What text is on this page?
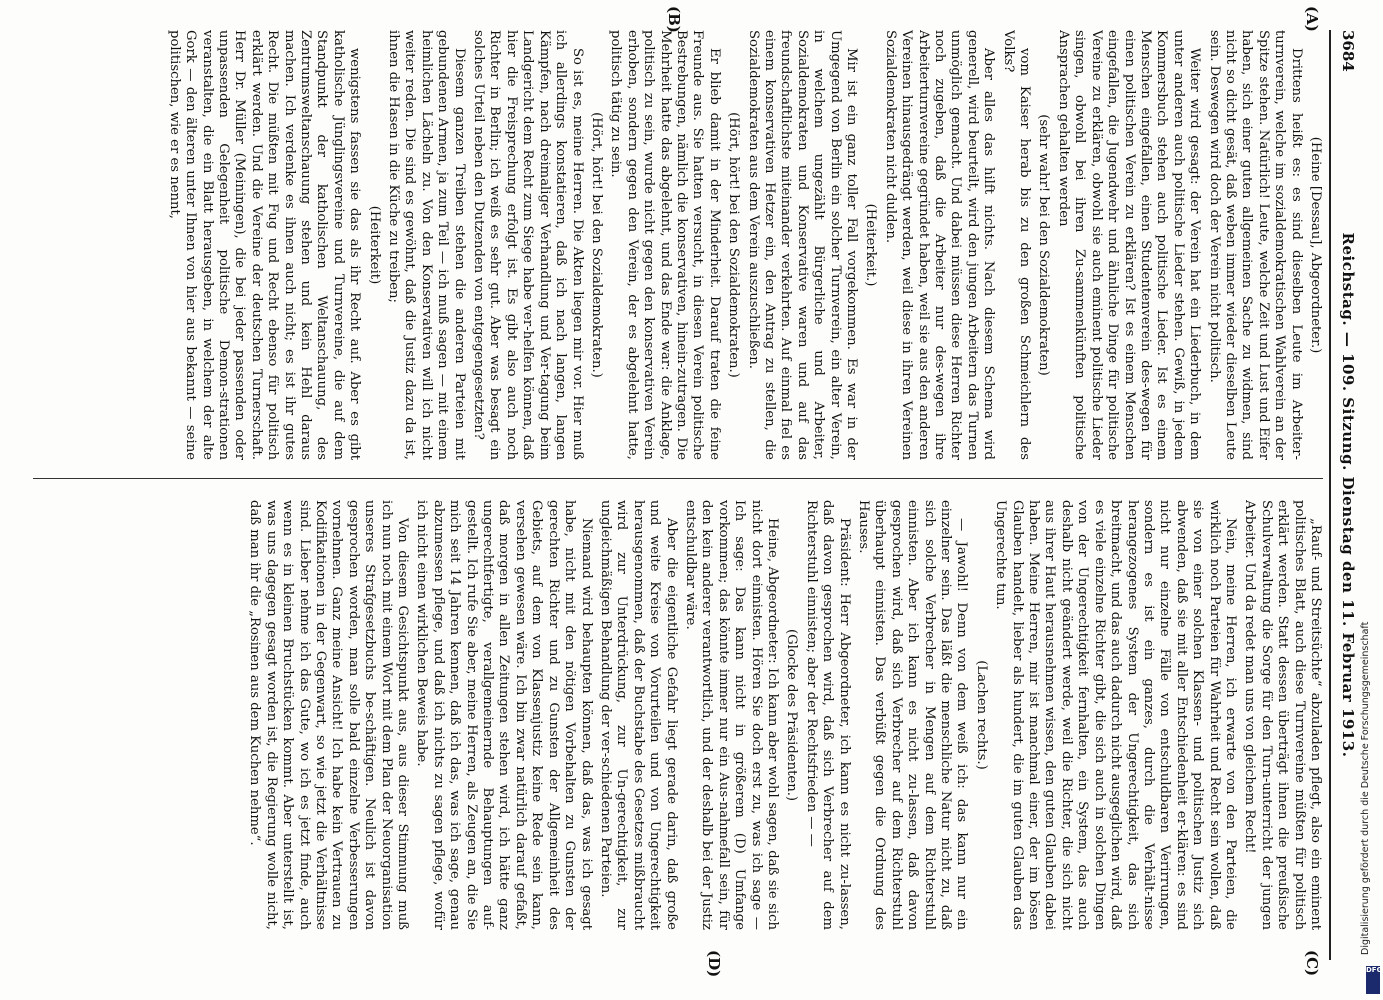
3684
Reichstag. — 109. Sitzung. Dienstag den 11. Februar 1913.
(A)
(B)
(C)
(D)

(Heine [Dessau], Abgeordneter.)

Drittens heißt es: es sind dieselben Leute im Arbeiter-turnverein, welche im sozialdemokratischen Wahlverein an der Spitze stehen. Natürlich! Leute, welche Zeit und Lust und Eifer haben, sich einer guten allgemeinen Sache zu widmen, sind nicht so dicht gesät, daß weben immer wieder dieselben Leute sein. Deswegen wird doch der Verein nicht politisch.

Weiter wird gesagt: der Verein hat ein Liederbuch, in dem unter anderen auch politische Lieder stehen. Gewiß, in jedem Kommersbuch stehen auch politische Lieder. Ist es einem Menschen eingefallen, einen Studentenverein des-wegen für einen politischen Verein zu erklären? Ist es einem Menschen eingefallen, die Jugendwehr und ähnliche Dinge für politische Vereine zu erklären, obwohl sie auch eminent politische Lieder singen, obwohl bei ihren Zu-sammenkünften politische Ansprachen gehalten werden

(sehr wahr! bei den Sozialdemokraten)

vom Kaiser herab bis zu den großen Schmeichlern des Volks?

Aber alles das hilft nichts. Nach diesem Schema wird generell, wird beurteilt, wird den jungen Arbeitern das Turnen unmöglich gemacht. Und dabei müssen diese Herren Richter noch zugeben, daß die Arbeiter nur des-wegen ihre Arbeiterturnvereine gegründet haben, weil sie aus den anderen Vereinen hinausgedrängt werden, weil diese in ihren Vereinen Sozialdemokraten nicht dulden.

(Heiterkeit.)

Mir ist ein ganz toller Fall vorgekommen. Es war in der Umgegend von Berlin ein solcher Turnverein, ein alter Verein, in welchem ungezählt Bürgerliche und Arbeiter, Sozialdemokraten und Konservative waren und auf das freundschaftlichste miteinander verkehrten. Auf einmal fiel es einem konservativen Hetzer ein, den Antrag zu stellen, die Sozialdemokraten aus dem Verein auszuschließen.

(Hört, hört! bei den Sozialdemokraten.)

Er blieb damit in der Minderheit. Darauf traten die feine Freunde aus. Sie hatten versucht, in diesen Verein politische Bestrebungen, nämlich die konservativen, hinein-zutragen. Die Mehrheit hatte das abgelehnt, und das Ende war: die Anklage, politisch zu sein, wurde nicht gegen den konservativen Verein erhoben, sondern gegen den Verein, der es abgelehnt hatte, politisch tätig zu sein.

(Hört, hört! bei den Sozialdemokraten.)

So ist es, meine Herren. Die Akten liegen mir vor. Hier muß ich allerdings konstatieren, daß ich nach langen, langen Kämpfen, nach dreimaliger Verhandlung und Ver-tagung beim Landgericht dem Recht zum Siege habe ver-helfen können, daß hier die Freisprechung erfolgt ist. Es gibt also auch noch Richter in Berlin; ich weiß es sehr gut. Aber was besagt ein solches Urteil neben den Dutzenden von entgegengesetzten?

Diesem ganzen Treiben stehen die anderen Parteien mit gebundenen Armen, ja zum Teil — ich muß sagen — mit einem heimlichen Lächeln zu. Von den Konservativen will ich nicht weiter reden. Die sind es gewöhnt, daß die Justiz dazu da ist, ihnen die Hasen in die Küche zu treiben;

(Heiterkeit)

wenigstens fassen sie das als ihr Recht auf. Aber es gibt katholische Jünglingsvereine und Turnvereine, die auf dem Standpunkt der katholischen Weltanschauung, des Zentrumsweltanschauung stehen und kein Hehl daraus machen. Ich verdenke es ihnen auch nicht; es ist ihr gutes Recht. Die müßten mit Fug und Recht ebenso für politisch erklärt werden. Und die Vereine der deutschen Turnerschaft. Herr Dr. Müller (Meiningen), die bei jeder passenden oder unpassenden Gelegenheit politische Demon-strationen veranstalten, die ein Blatt herausgeben, in welchem der alte Gork — den älteren unter Ihnen von hier aus bekannt — seine politischen, wie er es nennt,

„Rauf- und Streitsüchte“ abzuladen pflegt, also ein eminent politisches Blatt, auch diese Turnvereine müßten für politisch erklärt werden. Statt dessen überträgt ihnen die preußische Schulverwaltung die Sorge für den Turn-unterricht der jungen Arbeiter. Und da redet man uns von gleichem Recht!

Nein, meine Herren, ich erwarte von den Parteien, die wirklich noch Parteien für Wahrheit und Recht sein wollen, daß sie von einer solchen Klassen- und politischen Justiz sich abwenden, daß sie mit aller Entschiedenheit er-klären: es sind nicht nur einzelne Fälle von entschuldbaren Verirrungen, sondern es ist ein ganzes, durch die Verhält-nisse herangezogenes System der Ungerechtigkeit, das sich breitmacht, und das auch dadurch nicht ausgeglichen wird, daß es viele einzelne Richter gibt, die sich auch in solchen Dingen von der Ungerechtigkeit fernhalten, ein System, das auch deshalb nicht geändert werde, weil die Richter, die sich nicht aus ihrer Haut herausnehmen wissen, den guten Glauben dabei haben. Meine Herren, mir ist manchmal einer, der im bösen Glauben handelt, lieber als hundert, die im guten Glauben das Ungerechte tun.

(Lachen rechts.)

— Jawohl! Denn von dem weiß ich: das kann nur ein einzelner sein. Das läßt die menschliche Natur nicht zu, daß sich solche Verbrecher in Mengen auf dem Richterstuhl einnisten. Aber ich kann es nicht zu-lassen, daß davon gesprochen wird, daß sich Verbrecher auf dem Richterstuhl überhaupt einnisten. Das verbüßt gegen die Ordnung des Hauses.

Präsident: Herr Abgeordneter, ich kann es nicht zu-lassen, daß davon gesprochen wird, daß sich Verbrecher auf dem Richterstuhl einnisten; aber der Rechtsfrieden — —

(Glocke des Präsidenten.)

Heine, Abgeordneter: Ich kann aber wohl sagen, daß sie sich nicht dort einnisten. Hören Sie doch erst zu, was ich sage — Ich sage: Das kann nicht in größerem (D) Umfange vorkommen; das könnte immer nur ein Aus-nahmefall sein, für den kein anderer verantwortlich, und der deshalb bei der Justiz entschuldbar wäre.

Aber die eigentliche Gefahr liegt gerade darin, daß große und weite Kreise von Vorurteilen und von Ungerechtigkeit herausgenommen, daß der Buchstabe des Gesetzes mißbraucht wird zur Unterdrückung, zur Un-gerechtigkeit, zur ungleichmäßigen Behandlung der ver-schiedenen Parteien.

Niemand wird behaupten können, daß das, was ich gesagt habe, nicht mit den nötigen Vorbehalten zu Gunsten der gerechten Richter und zu Gunsten der Allgemeinheit des Gebiets, auf dem von Klassenjustiz keine Rede sein kann, versehen gewesen wäre. Ich bin zwar natürlich darauf gefaßt, daß morgen in allen Zeitungen stehen wird, ich hätte ganz ungerechtfertigte, verallgemeinernde Behauptungen auf-gestellt. Ich rufe Sie aber, meine Herren, als Zeugen an, die Sie mich seit 14 Jahren kennen, daß ich das, was ich sage, genau abzumessen pflege, und daß ich nichts zu sagen pflege, wofür ich nicht einen wirklichen Beweis habe.

Von diesem Gesichtspunkt aus, aus dieser Stimmung muß ich nun noch mit einem Wort mit dem Plan der Neuorganisation unseres Strafgesetzbuchs be-schäftigen. Neulich ist davon gesprochen worden, man solle bald einzelne Verbesserungen vornehmen. Ganz meine Ansicht! Ich habe kein Vertrauen zu Kodifikationen in der Gegenwart, so wie jetzt die Verhältnisse sind. Lieber nehme ich das Gute, wo ich es jetzt finde, auch wenn es in kleinen Bruchstücken kommt. Aber unterstellt ist, was uns dagegen gesagt worden ist, die Regierung wolle nicht, daß man ihr die „Rosinen aus dem Kuchen nehme“.	Digitalisierung gefördert durch die Deutsche Forschungsgemeinschaft
DFG
